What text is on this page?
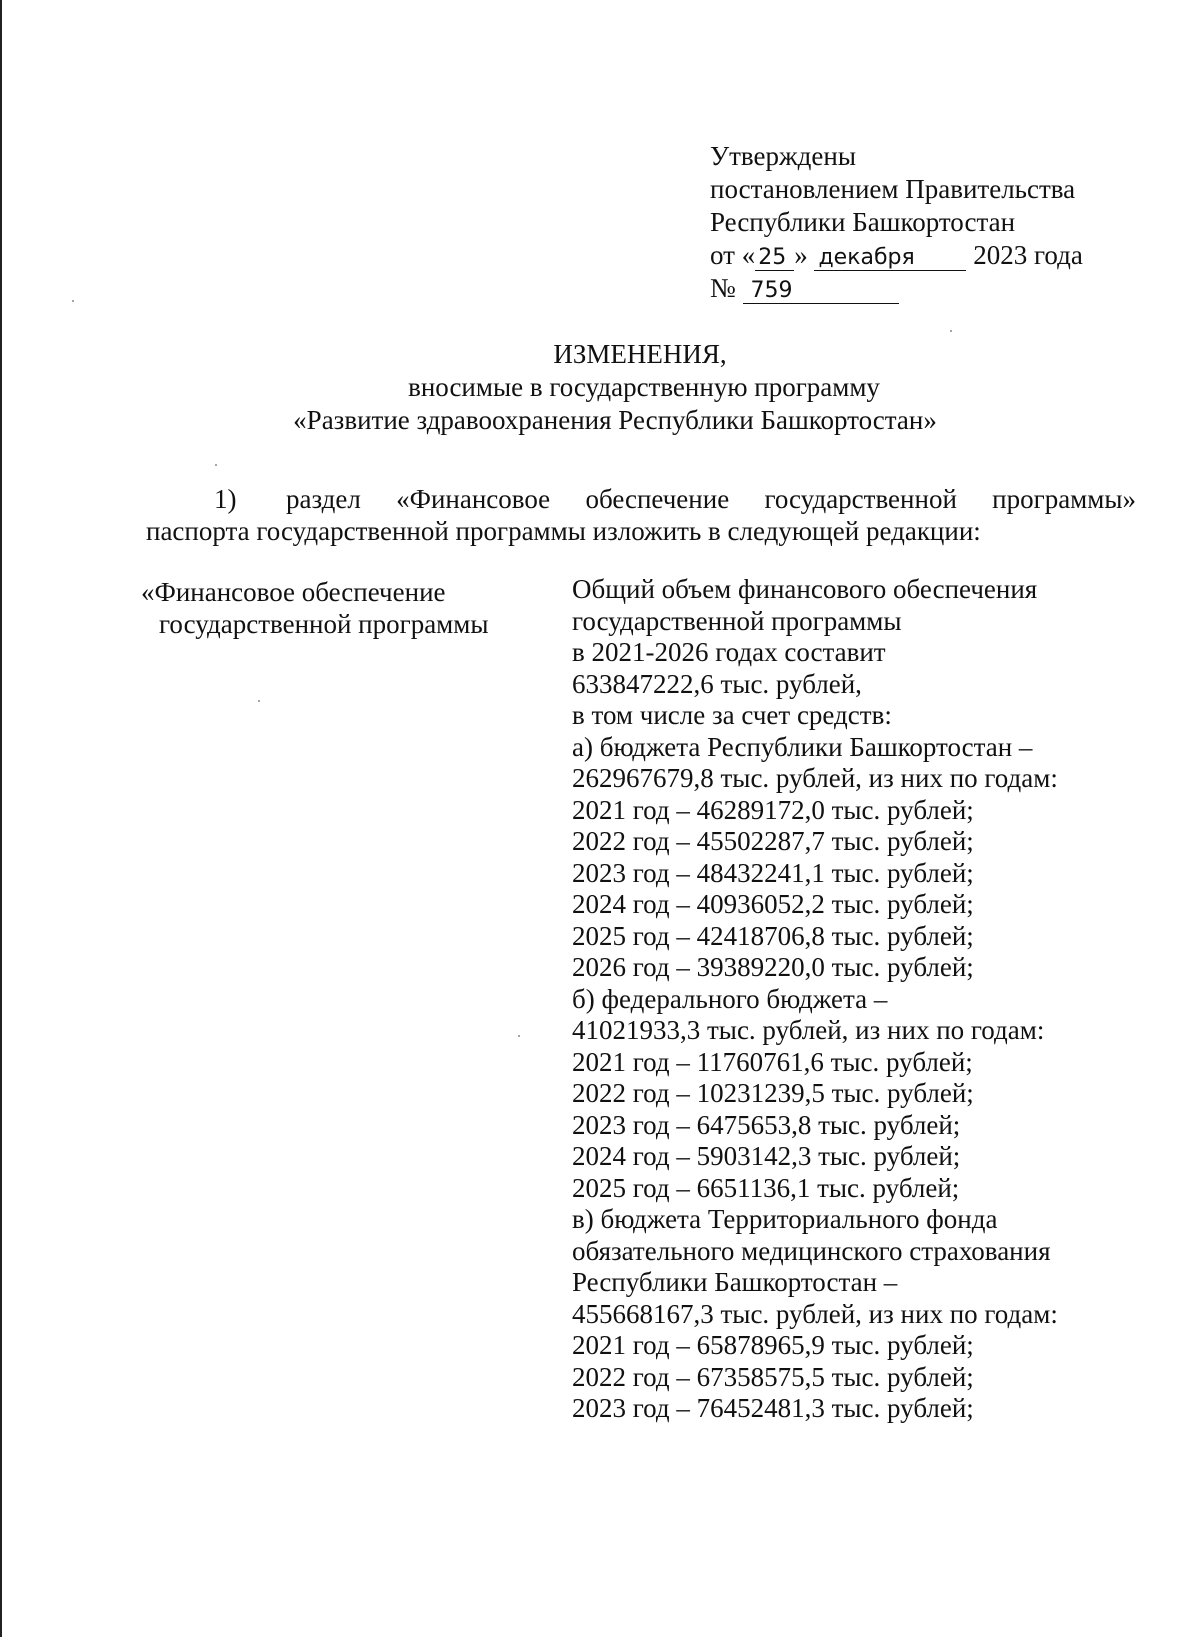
Утверждены
постановлением Правительства
Республики Башкортостан
от « 25 » декабря 2023 года
№ 759
ИЗМЕНЕНИЯ,
вносимые в государственную программу
«Развитие здравоохранения Республики Башкортостан»
1) раздел «Финансовое обеспечение государственной программы»
паспорта государственной программы изложить в следующей редакции:
«Финансовое обеспечение
государственной программы
Общий объем финансового обеспечения
государственной программы
в 2021-2026 годах составит
633847222,6 тыс. рублей,
в том числе за счет средств:
а) бюджета Республики Башкортостан –
262967679,8 тыс. рублей, из них по годам:
2021 год – 46289172,0 тыс. рублей;
2022 год – 45502287,7 тыс. рублей;
2023 год – 48432241,1 тыс. рублей;
2024 год – 40936052,2 тыс. рублей;
2025 год – 42418706,8 тыс. рублей;
2026 год – 39389220,0 тыс. рублей;
б) федерального бюджета –
41021933,3 тыс. рублей, из них по годам:
2021 год – 11760761,6 тыс. рублей;
2022 год – 10231239,5 тыс. рублей;
2023 год – 6475653,8 тыс. рублей;
2024 год – 5903142,3 тыс. рублей;
2025 год – 6651136,1 тыс. рублей;
в) бюджета Территориального фонда
обязательного медицинского страхования
Республики Башкортостан –
455668167,3 тыс. рублей, из них по годам:
2021 год – 65878965,9 тыс. рублей;
2022 год – 67358575,5 тыс. рублей;
2023 год – 76452481,3 тыс. рублей;
